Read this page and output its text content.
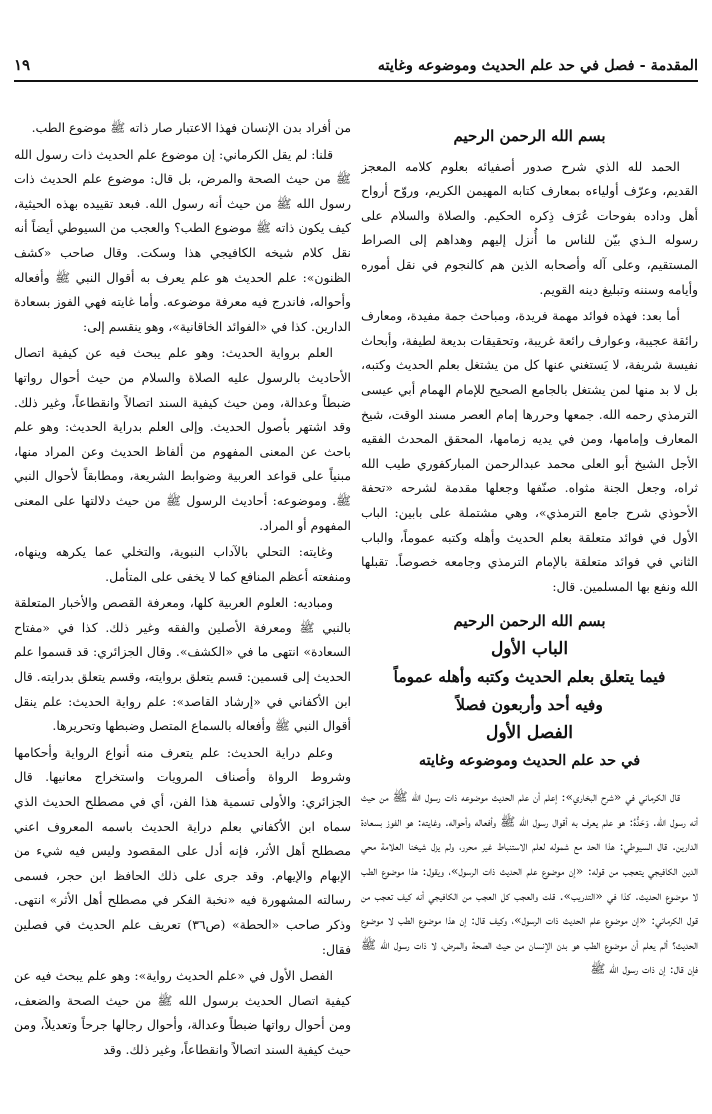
المقدمة - فصل في حد علم الحديث وموضوعه وغايته
١٩
بسم الله الرحمن الرحيم

الحمد لله الذي شرح صدور أصفيائه بعلوم كلامه المعجز القديم، وعرّف أولياءه بمعارف كتابه المهيمن الكريم، وروّح أرواح أهل وداده بفوحات عُرَف ذِكره الحكيم. والصلاة والسلام على رسوله الـذي بيّن للناس ما أُنزل إليهم وهداهم إلى الصراط المستقيم، وعلى آله وأصحابه الذين هم كالنجوم في نقل أموره وأيامه وسننه وتبليغ دينه القويم.

أما بعد: فهذه فوائد مهمة فريدة، ومباحث جمة مفيدة، ومعارف رائقة عجيبة، وعوارف رائعة غريبة، وتحقيقات بديعة لطيفة، وأبحاث نفيسة شريفة، لا يَستغني عنها كل من يشتغل بعلم الحديث وكتبه، بل لا بد منها لمن يشتغل بالجامع الصحيح للإمام الهمام أبي عيسى الترمذي رحمه الله. جمعها وحررها إمام العصر مسند الوقت، شيخ المعارف وإمامها، ومن في يديه زمامها، المحقق المحدث الفقيه الأجل الشيخ أبو العلى محمد عبدالرحمن المباركفوري طيب الله ثراه، وجعل الجنة مثواه. صنّفها وجعلها مقدمة لشرحه «تحفة الأحوذي شرح جامع الترمذي»، وهي مشتملة على بابين: الباب الأول في فوائد متعلقة بعلم الحديث وأهله وكتبه عموماً، والباب الثاني في فوائد متعلقة بالإمام الترمذي وجامعه خصوصاً. تقبلها الله ونفع بها المسلمين. قال:

بسم الله الرحمن الرحيم
الباب الأول
فيما يتعلق بعلم الحديث وكتبه وأهله عموماً
وفيه أحد وأربعون فصلاً
الفصل الأول
في حد علم الحديث وموضوعه وغايته

قال الكرماني في «شرح البخاري»: إعلم أن علم الحديث موضوعه ذات رسول الله ﷺ من حيث أنه رسول الله. وَحَدُّهُ: هو علم يعرف به أقوال رسول الله ﷺ وأفعاله وأحواله. وغايته: هو الفوز بسعادة الدارين. قال السيوطي: هذا الحد مع شموله لعلم الاستنباط غير محرر، ولم يزل شيخنا العلامة محي الدين الكافيجي يتعجب من قوله: «إن موضوع علم الحديث ذات الرسول»، ويقول: هذا موضوع الطب لا موضوع الحديث. كذا في «التدريب». قلت والعجب كل العجب من الكافيجي أنه كيف تعجب من قول الكرماني: «إن موضوع علم الحديث ذات الرسول»، وكيف قال: إن هذا موضوع الطب لا موضوع الحديث؟ ألم يعلم أن موضوع الطب هو بدن الإنسان من حيث الصحة والمرض، لا ذات رسول الله ﷺ فإن قال: إن ذات رسول الله ﷺ

من أفراد بدن الإنسان فهذا الاعتبار صار ذاته ﷺ موضوع الطب.

قلنا: لم يقل الكرماني: إن موضوع علم الحديث ذات رسول الله ﷺ من حيث الصحة والمرض، بل قال: موضوع علم الحديث ذات رسول الله ﷺ من حيث أنه رسول الله. فبعد تقييده بهذه الحيثية، كيف يكون ذاته ﷺ موضوع الطب؟ والعجب من السيوطي أيضاً أنه نقل كلام شيخه الكافيجي هذا وسكت. وقال صاحب «كشف الظنون»: علم الحديث هو علم يعرف به أقوال النبي ﷺ وأفعاله وأحواله، فاندرج فيه معرفة موضوعه. وأما غايته فهي الفوز بسعادة الدارين. كذا في «الفوائد الخاقانية»، وهو ينقسم إلى:

العلم برواية الحديث: وهو علم يبحث فيه عن كيفية اتصال الأحاديث بالرسول عليه الصلاة والسلام من حيث أحوال رواتها ضبطاً وعدالة، ومن حيث كيفية السند اتصالاً وانقطاعاً، وغير ذلك. وقد اشتهر بأصول الحديث. وإلى العلم بدراية الحديث: وهو علم باحث عن المعنى المفهوم من ألفاظ الحديث وعن المراد منها، مبنياً على قواعد العربية وضوابط الشريعة، ومطابقاً لأحوال النبي ﷺ. وموضوعه: أحاديث الرسول ﷺ من حيث دلالتها على المعنى المفهوم أو المراد.

وغايته: التحلي بالآداب النبوية، والتخلي عما يكرهه وينهاه، ومنفعته أعظم المنافع كما لا يخفى على المتأمل.

ومباديه: العلوم العربية كلها، ومعرفة القصص والأخبار المتعلقة بالنبي ﷺ ومعرفة الأصلين والفقه وغير ذلك. كذا في «مفتاح السعادة» انتهى ما في «الكشف». وقال الجزائري: قد قسموا علم الحديث إلى قسمين: قسم يتعلق بروايته، وقسم يتعلق بدرايته. قال ابن الأكفاني في «إرشاد القاصد»: علم رواية الحديث: علم ينقل أقوال النبي ﷺ وأفعاله بالسماع المتصل وضبطها وتحريرها.

وعلم دراية الحديث: علم يتعرف منه أنواع الرواية وأحكامها وشروط الرواة وأصناف المرويات واستخراج معانيها. قال الجزائري: والأولى تسمية هذا الفن، أي في مصطلح الحديث الذي سماه ابن الأكفاني بعلم دراية الحديث باسمه المعروف اعني مصطلح أهل الأثر، فإنه أدل على المقصود وليس فيه شيء من الإبهام والإيهام. وقد جرى على ذلك الحافظ ابن حجر، فسمى رسالته المشهورة فيه «نخبة الفكر في مصطلح أهل الأثر» انتهى. وذكر صاحب «الحطة» (ص٣٦) تعريف علم الحديث في فصلين فقال:

الفصل الأول في «علم الحديث رواية»: وهو علم يبحث فيه عن كيفية اتصال الحديث برسول الله ﷺ من حيث الصحة والضعف، ومن أحوال رواتها ضبطاً وعدالة، وأحوال رجالها جرحاً وتعديلاً، ومن حيث كيفية السند اتصالاً وانقطاعاً، وغير ذلك. وقد
